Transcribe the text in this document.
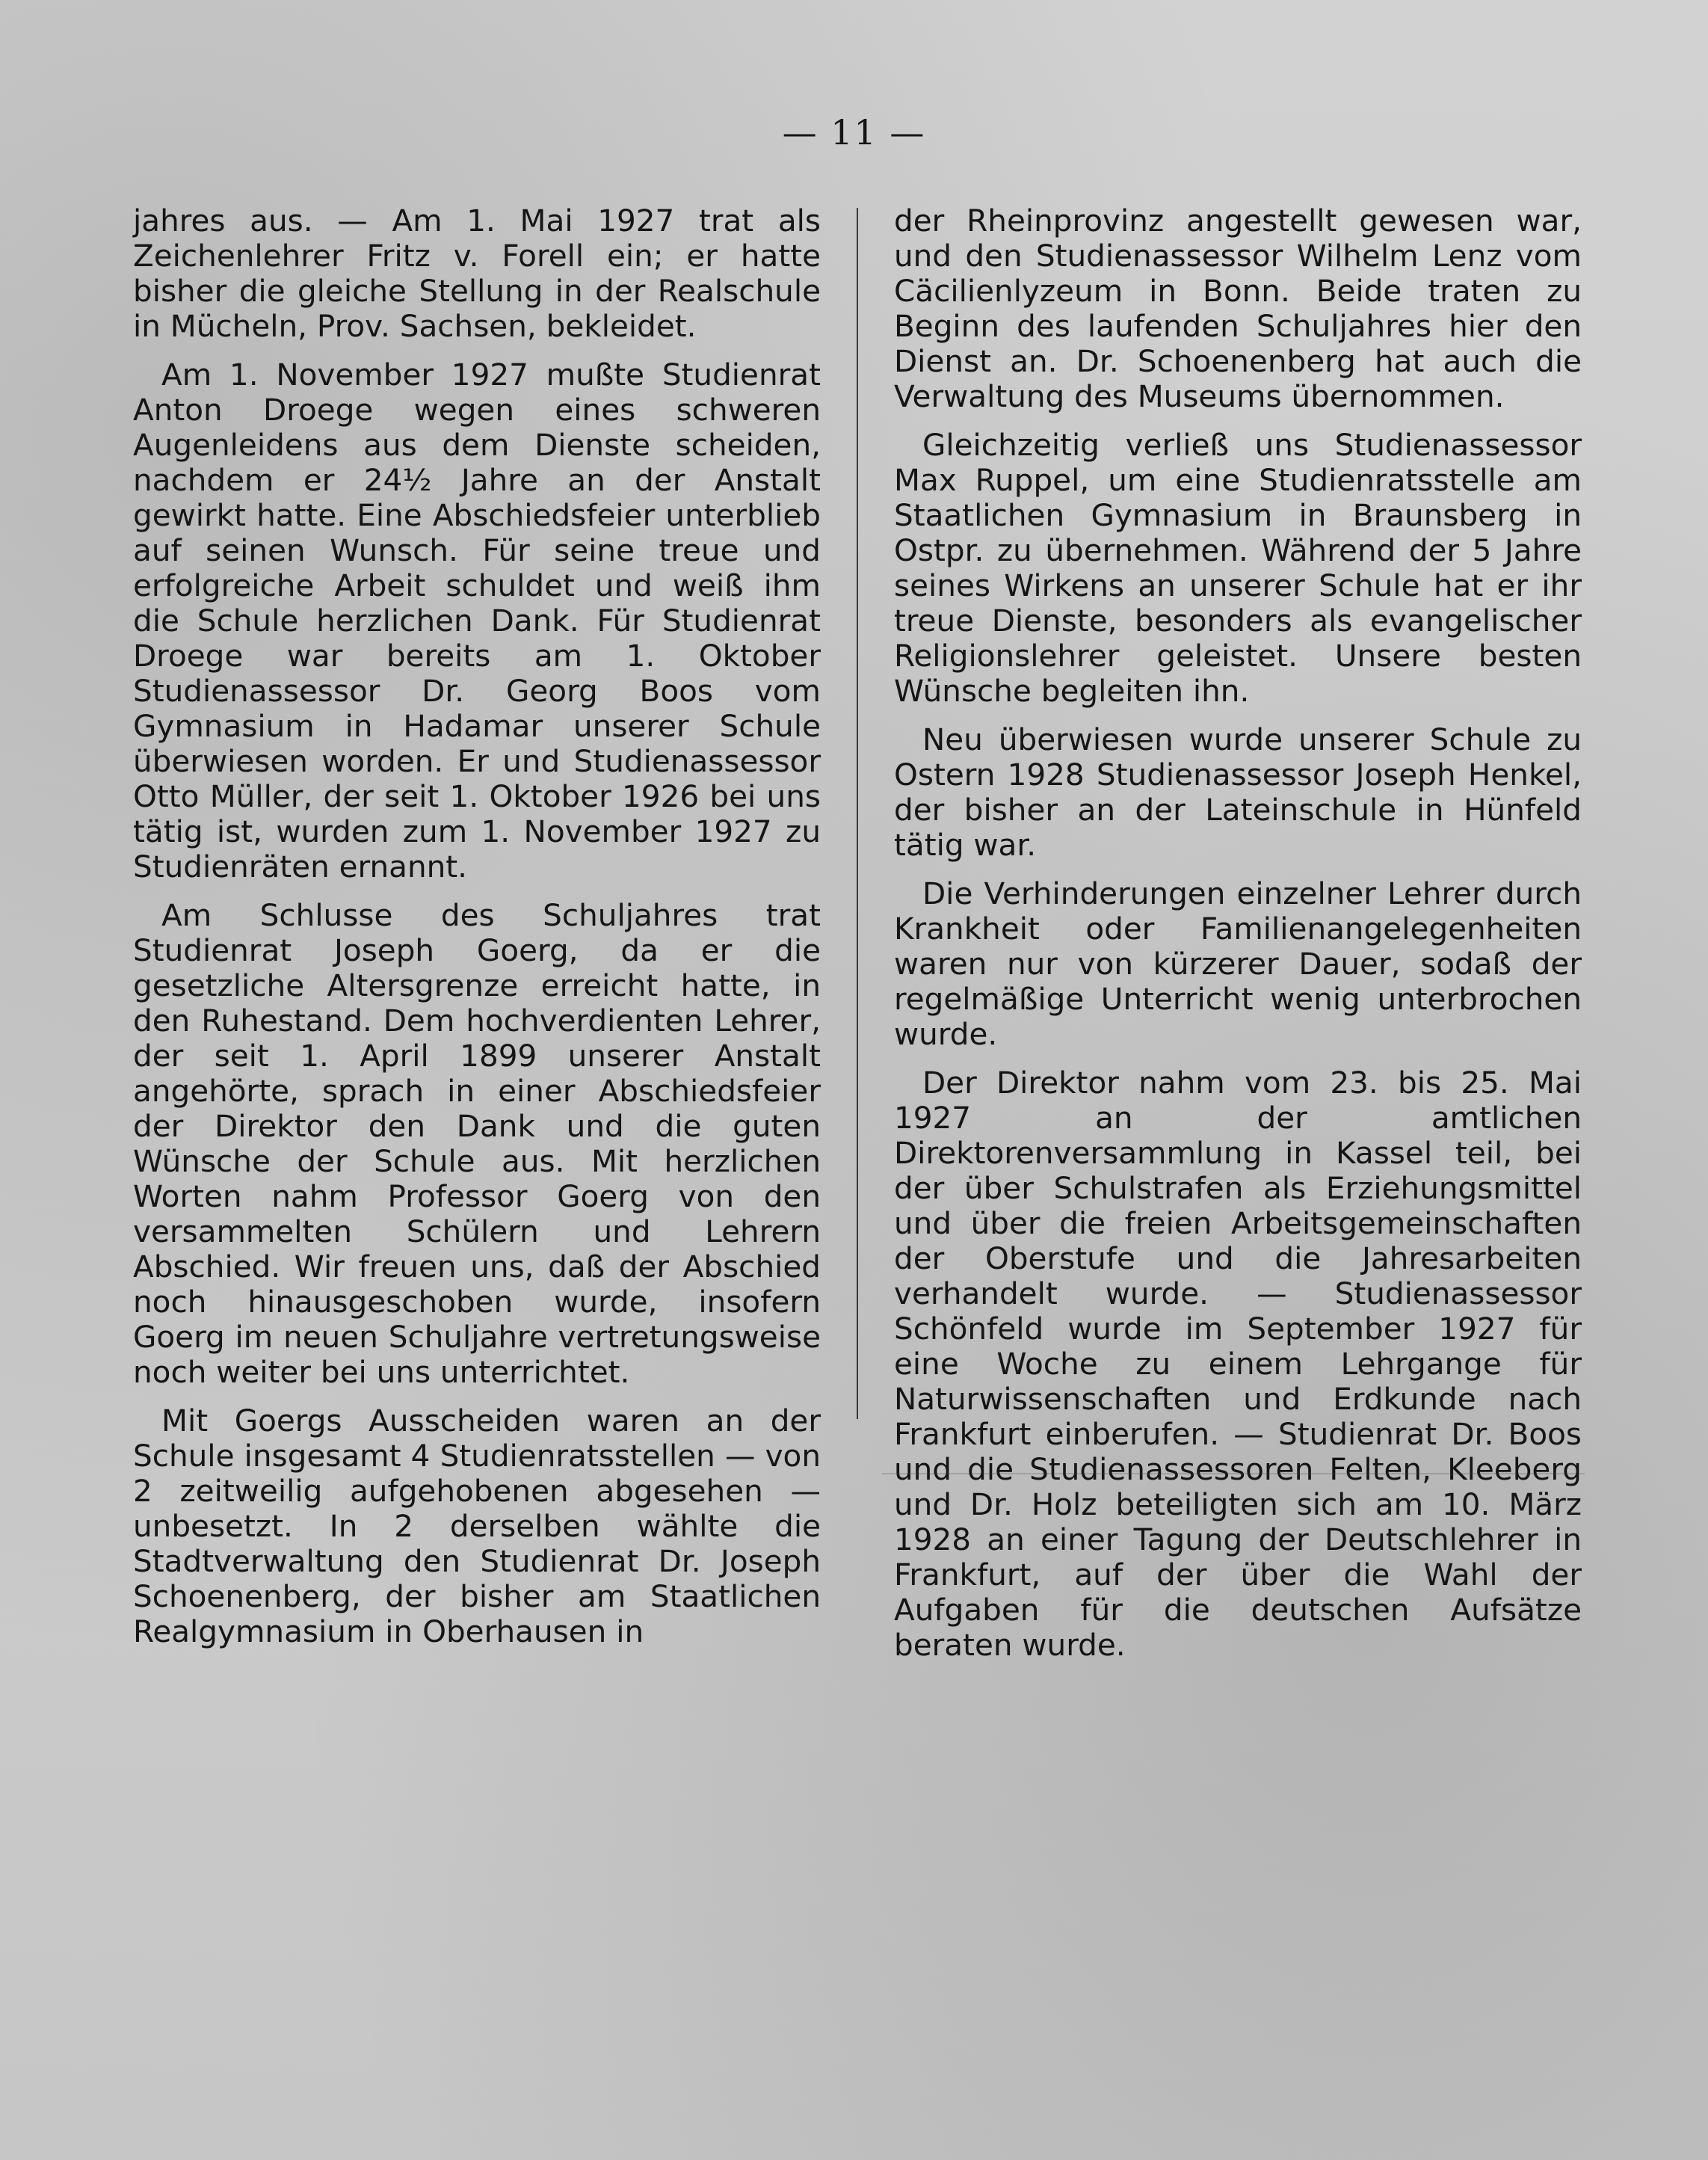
— 11 —

jahres aus. — Am 1. Mai 1927 trat als Zeichenlehrer Fritz v. Forell ein; er hatte bisher die gleiche Stellung in der Realschule in Mücheln, Prov. Sachsen, bekleidet.

Am 1. November 1927 mußte Studienrat Anton Droege wegen eines schweren Augenleidens aus dem Dienste scheiden, nachdem er 24½ Jahre an der Anstalt gewirkt hatte. Eine Abschiedsfeier unterblieb auf seinen Wunsch. Für seine treue und erfolgreiche Arbeit schuldet und weiß ihm die Schule herzlichen Dank. Für Studienrat Droege war bereits am 1. Oktober Studienassessor Dr. Georg Boos vom Gymnasium in Hadamar unserer Schule überwiesen worden. Er und Studienassessor Otto Müller, der seit 1. Oktober 1926 bei uns tätig ist, wurden zum 1. November 1927 zu Studienräten ernannt.

Am Schlusse des Schuljahres trat Studienrat Joseph Goerg, da er die gesetzliche Altersgrenze erreicht hatte, in den Ruhestand. Dem hochverdienten Lehrer, der seit 1. April 1899 unserer Anstalt angehörte, sprach in einer Abschiedsfeier der Direktor den Dank und die guten Wünsche der Schule aus. Mit herzlichen Worten nahm Professor Goerg von den versammelten Schülern und Lehrern Abschied. Wir freuen uns, daß der Abschied noch hinausgeschoben wurde, insofern Goerg im neuen Schuljahre vertretungsweise noch weiter bei uns unterrichtet.

Mit Goergs Ausscheiden waren an der Schule insgesamt 4 Studienratsstellen — von 2 zeitweilig aufgehobenen abgesehen — unbesetzt. In 2 derselben wählte die Stadtverwaltung den Studienrat Dr. Joseph Schoenenberg, der bisher am Staatlichen Realgymnasium in Oberhausen in

der Rheinprovinz angestellt gewesen war, und den Studienassessor Wilhelm Lenz vom Cäcilienlyzeum in Bonn. Beide traten zu Beginn des laufenden Schuljahres hier den Dienst an. Dr. Schoenenberg hat auch die Verwaltung des Museums übernommen.

Gleichzeitig verließ uns Studienassessor Max Ruppel, um eine Studienratsstelle am Staatlichen Gymnasium in Braunsberg in Ostpr. zu übernehmen. Während der 5 Jahre seines Wirkens an unserer Schule hat er ihr treue Dienste, besonders als evangelischer Religionslehrer geleistet. Unsere besten Wünsche begleiten ihn.

Neu überwiesen wurde unserer Schule zu Ostern 1928 Studienassessor Joseph Henkel, der bisher an der Lateinschule in Hünfeld tätig war.

Die Verhinderungen einzelner Lehrer durch Krankheit oder Familienangelegenheiten waren nur von kürzerer Dauer, sodaß der regelmäßige Unterricht wenig unterbrochen wurde.

Der Direktor nahm vom 23. bis 25. Mai 1927 an der amtlichen Direktorenversammlung in Kassel teil, bei der über Schulstrafen als Erziehungsmittel und über die freien Arbeitsgemeinschaften der Oberstufe und die Jahresarbeiten verhandelt wurde. — Studienassessor Schönfeld wurde im September 1927 für eine Woche zu einem Lehrgange für Naturwissenschaften und Erdkunde nach Frankfurt einberufen. — Studienrat Dr. Boos und die Studienassessoren Felten, Kleeberg und Dr. Holz beteiligten sich am 10. März 1928 an einer Tagung der Deutschlehrer in Frankfurt, auf der über die Wahl der Aufgaben für die deutschen Aufsätze beraten wurde.
